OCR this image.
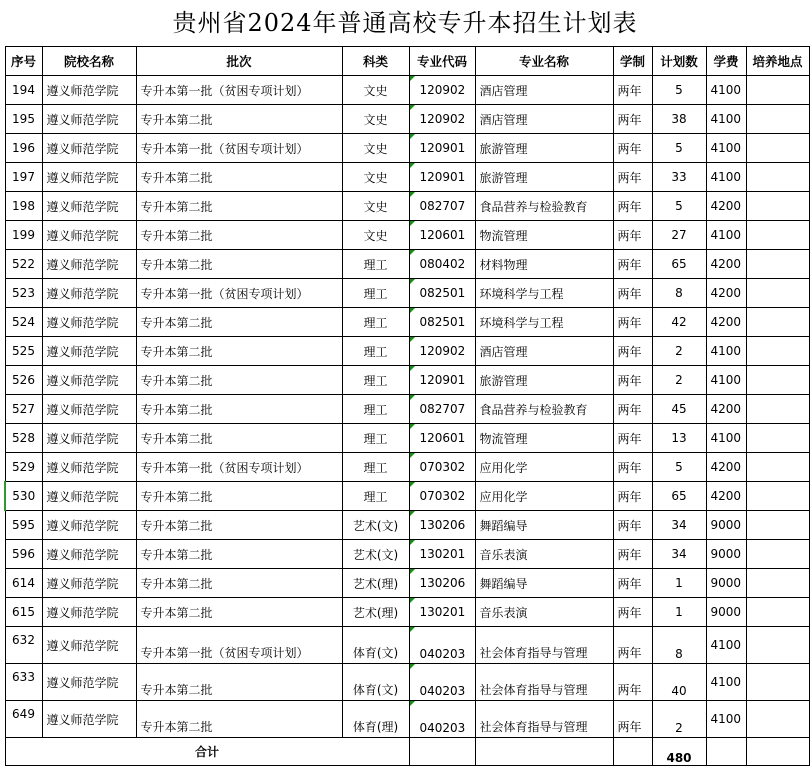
贵州省2024年普通高校专升本招生计划表
序号	院校名称	批次	科类	专业代码	专业名称	学制	计划数	学费	培养地点
194	遵义师范学院	专升本第一批（贫困专项计划）	文史	120902	酒店管理	两年	5	4100	
195	遵义师范学院	专升本第二批	文史	120902	酒店管理	两年	38	4100	
196	遵义师范学院	专升本第一批（贫困专项计划）	文史	120901	旅游管理	两年	5	4100	
197	遵义师范学院	专升本第二批	文史	120901	旅游管理	两年	33	4100	
198	遵义师范学院	专升本第二批	文史	082707	食品营养与检验教育	两年	5	4200	
199	遵义师范学院	专升本第二批	文史	120601	物流管理	两年	27	4100	
522	遵义师范学院	专升本第二批	理工	080402	材料物理	两年	65	4200	
523	遵义师范学院	专升本第一批（贫困专项计划）	理工	082501	环境科学与工程	两年	8	4200	
524	遵义师范学院	专升本第二批	理工	082501	环境科学与工程	两年	42	4200	
525	遵义师范学院	专升本第二批	理工	120902	酒店管理	两年	2	4100	
526	遵义师范学院	专升本第二批	理工	120901	旅游管理	两年	2	4100	
527	遵义师范学院	专升本第二批	理工	082707	食品营养与检验教育	两年	45	4200	
528	遵义师范学院	专升本第二批	理工	120601	物流管理	两年	13	4100	
529	遵义师范学院	专升本第一批（贫困专项计划）	理工	070302	应用化学	两年	5	4200	
530	遵义师范学院	专升本第二批	理工	070302	应用化学	两年	65	4200	
595	遵义师范学院	专升本第二批	艺术(文)	130206	舞蹈编导	两年	34	9000	
596	遵义师范学院	专升本第二批	艺术(文)	130201	音乐表演	两年	34	9000	
614	遵义师范学院	专升本第二批	艺术(理)	130206	舞蹈编导	两年	1	9000	
615	遵义师范学院	专升本第二批	艺术(理)	130201	音乐表演	两年	1	9000	
632	遵义师范学院	专升本第一批（贫困专项计划）	体育(文)	040203	社会体育指导与管理	两年	8	4100	
633	遵义师范学院	专升本第二批	体育(文)	040203	社会体育指导与管理	两年	40	4100	
649	遵义师范学院	专升本第二批	体育(理)	040203	社会体育指导与管理	两年	2	4100	
合计							480		
